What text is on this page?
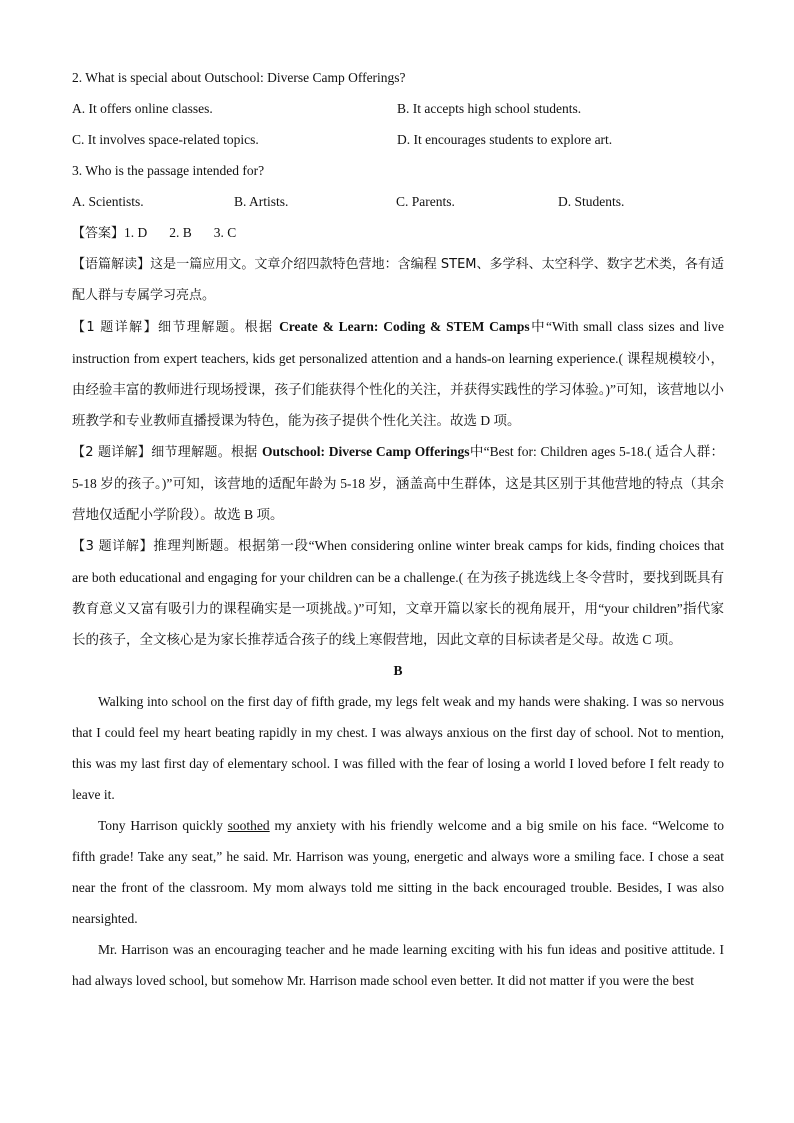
2. What is special about Outschool: Diverse Camp Offerings?
A. It offers online classes.	B. It accepts high school students.
C. It involves space-related topics.	D. It encourages students to explore art.
3. Who is the passage intended for?
A. Scientists.	B. Artists.	C. Parents.	D. Students.
【答案】1. D 2. B 3. C
【语篇解读】这是一篇应用文。文章介绍四款特色营地：含编程 STEM、多学科、太空科学、数字艺术类，各有适配人群与专属学习亮点。
【1 题详解】细节理解题。根据 Create & Learn: Coding & STEM Camps中“With small class sizes and live instruction from expert teachers, kids get personalized attention and a hands-on learning experience.( 课程规模较小，由经验丰富的教师进行现场授课，孩子们能获得个性化的关注，并获得实践性的学习体验。)”可知，该营地以小班教学和专业教师直播授课为特色，能为孩子提供个性化关注。故选 D 项。
【2 题详解】细节理解题。根据 Outschool: Diverse Camp Offerings中“Best for: Children ages 5-18.( 适合人群：5-18 岁的孩子。)”可知，该营地的适配年龄为 5-18 岁，涵盖高中生群体，这是其区别于其他营地的特点（其余营地仅适配小学阶段）。故选 B 项。
【3 题详解】推理判断题。根据第一段“When considering online winter break camps for kids, finding choices that are both educational and engaging for your children can be a challenge.( 在为孩子挑选线上冬令营时，要找到既具有教育意义又富有吸引力的课程确实是一项挑战。)”可知，文章开篇以家长的视角展开，用“your children”指代家长的孩子，全文核心是为家长推荐适合孩子的线上寒假营地，因此文章的目标读者是父母。故选 C 项。
B
Walking into school on the first day of fifth grade, my legs felt weak and my hands were shaking. I was so nervous that I could feel my heart beating rapidly in my chest. I was always anxious on the first day of school. Not to mention, this was my last first day of elementary school. I was filled with the fear of losing a world I loved before I felt ready to leave it.
Tony Harrison quickly soothed my anxiety with his friendly welcome and a big smile on his face. “Welcome to fifth grade! Take any seat,” he said. Mr. Harrison was young, energetic and always wore a smiling face. I chose a seat near the front of the classroom. My mom always told me sitting in the back encouraged trouble. Besides, I was also nearsighted.
Mr. Harrison was an encouraging teacher and he made learning exciting with his fun ideas and positive attitude. I had always loved school, but somehow Mr. Harrison made school even better. It did not matter if you were the best
